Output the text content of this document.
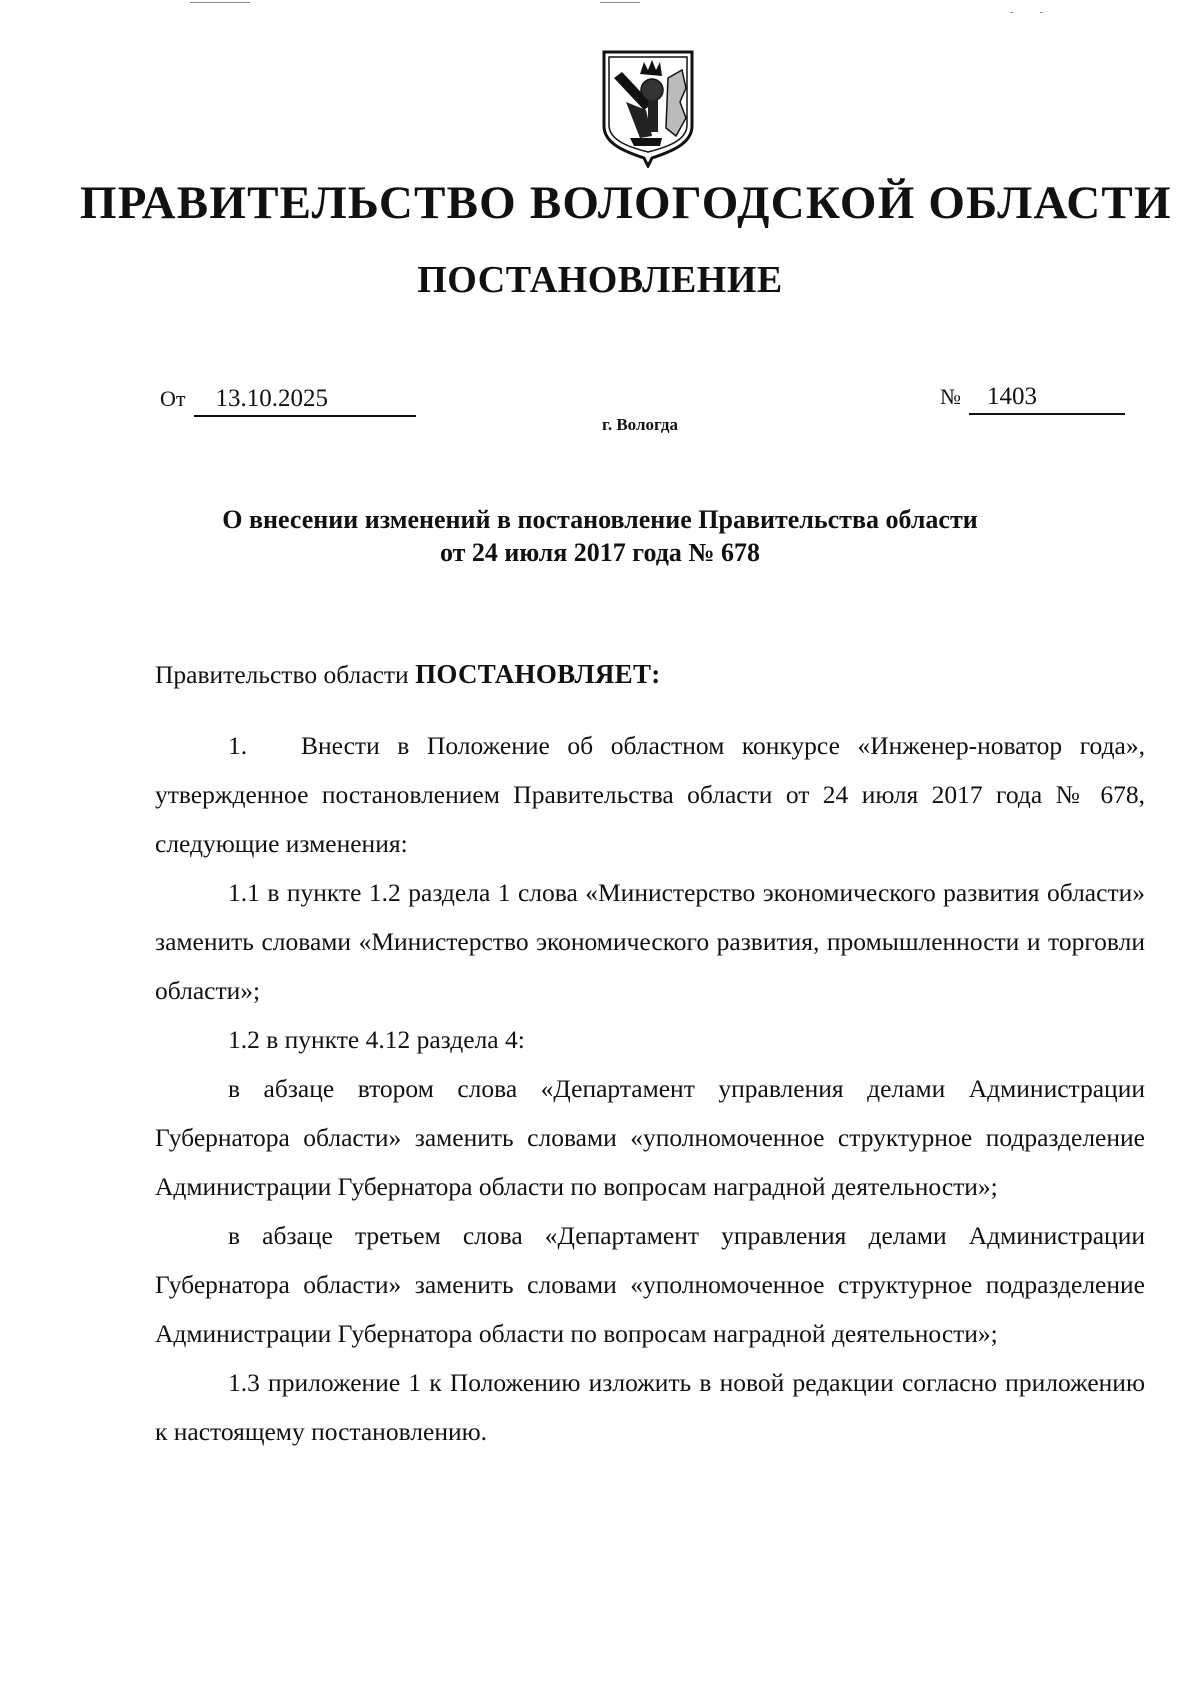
ПРАВИТЕЛЬСТВО ВОЛОГОДСКОЙ ОБЛАСТИ
ПОСТАНОВЛЕНИЕ
От 13.10.2025	№ 1403
г. Вологда
О внесении изменений в постановление Правительства области
от 24 июля 2017 года № 678

Правительство области ПОСТАНОВЛЯЕТ:

1. Внести в Положение об областном конкурсе «Инженер-новатор года», утвержденное постановлением Правительства области от 24 июля 2017 года № 678, следующие изменения:

1.1 в пункте 1.2 раздела 1 слова «Министерство экономического развития области» заменить словами «Министерство экономического развития, промышленности и торговли области»;

1.2 в пункте 4.12 раздела 4:

в абзаце втором слова «Департамент управления делами Администрации Губернатора области» заменить словами «уполномоченное структурное подразделение Администрации Губернатора области по вопросам наградной деятельности»;

в абзаце третьем слова «Департамент управления делами Администрации Губернатора области» заменить словами «уполномоченное структурное подразделение Администрации Губернатора области по вопросам наградной деятельности»;

1.3 приложение 1 к Положению изложить в новой редакции согласно приложению к настоящему постановлению.
